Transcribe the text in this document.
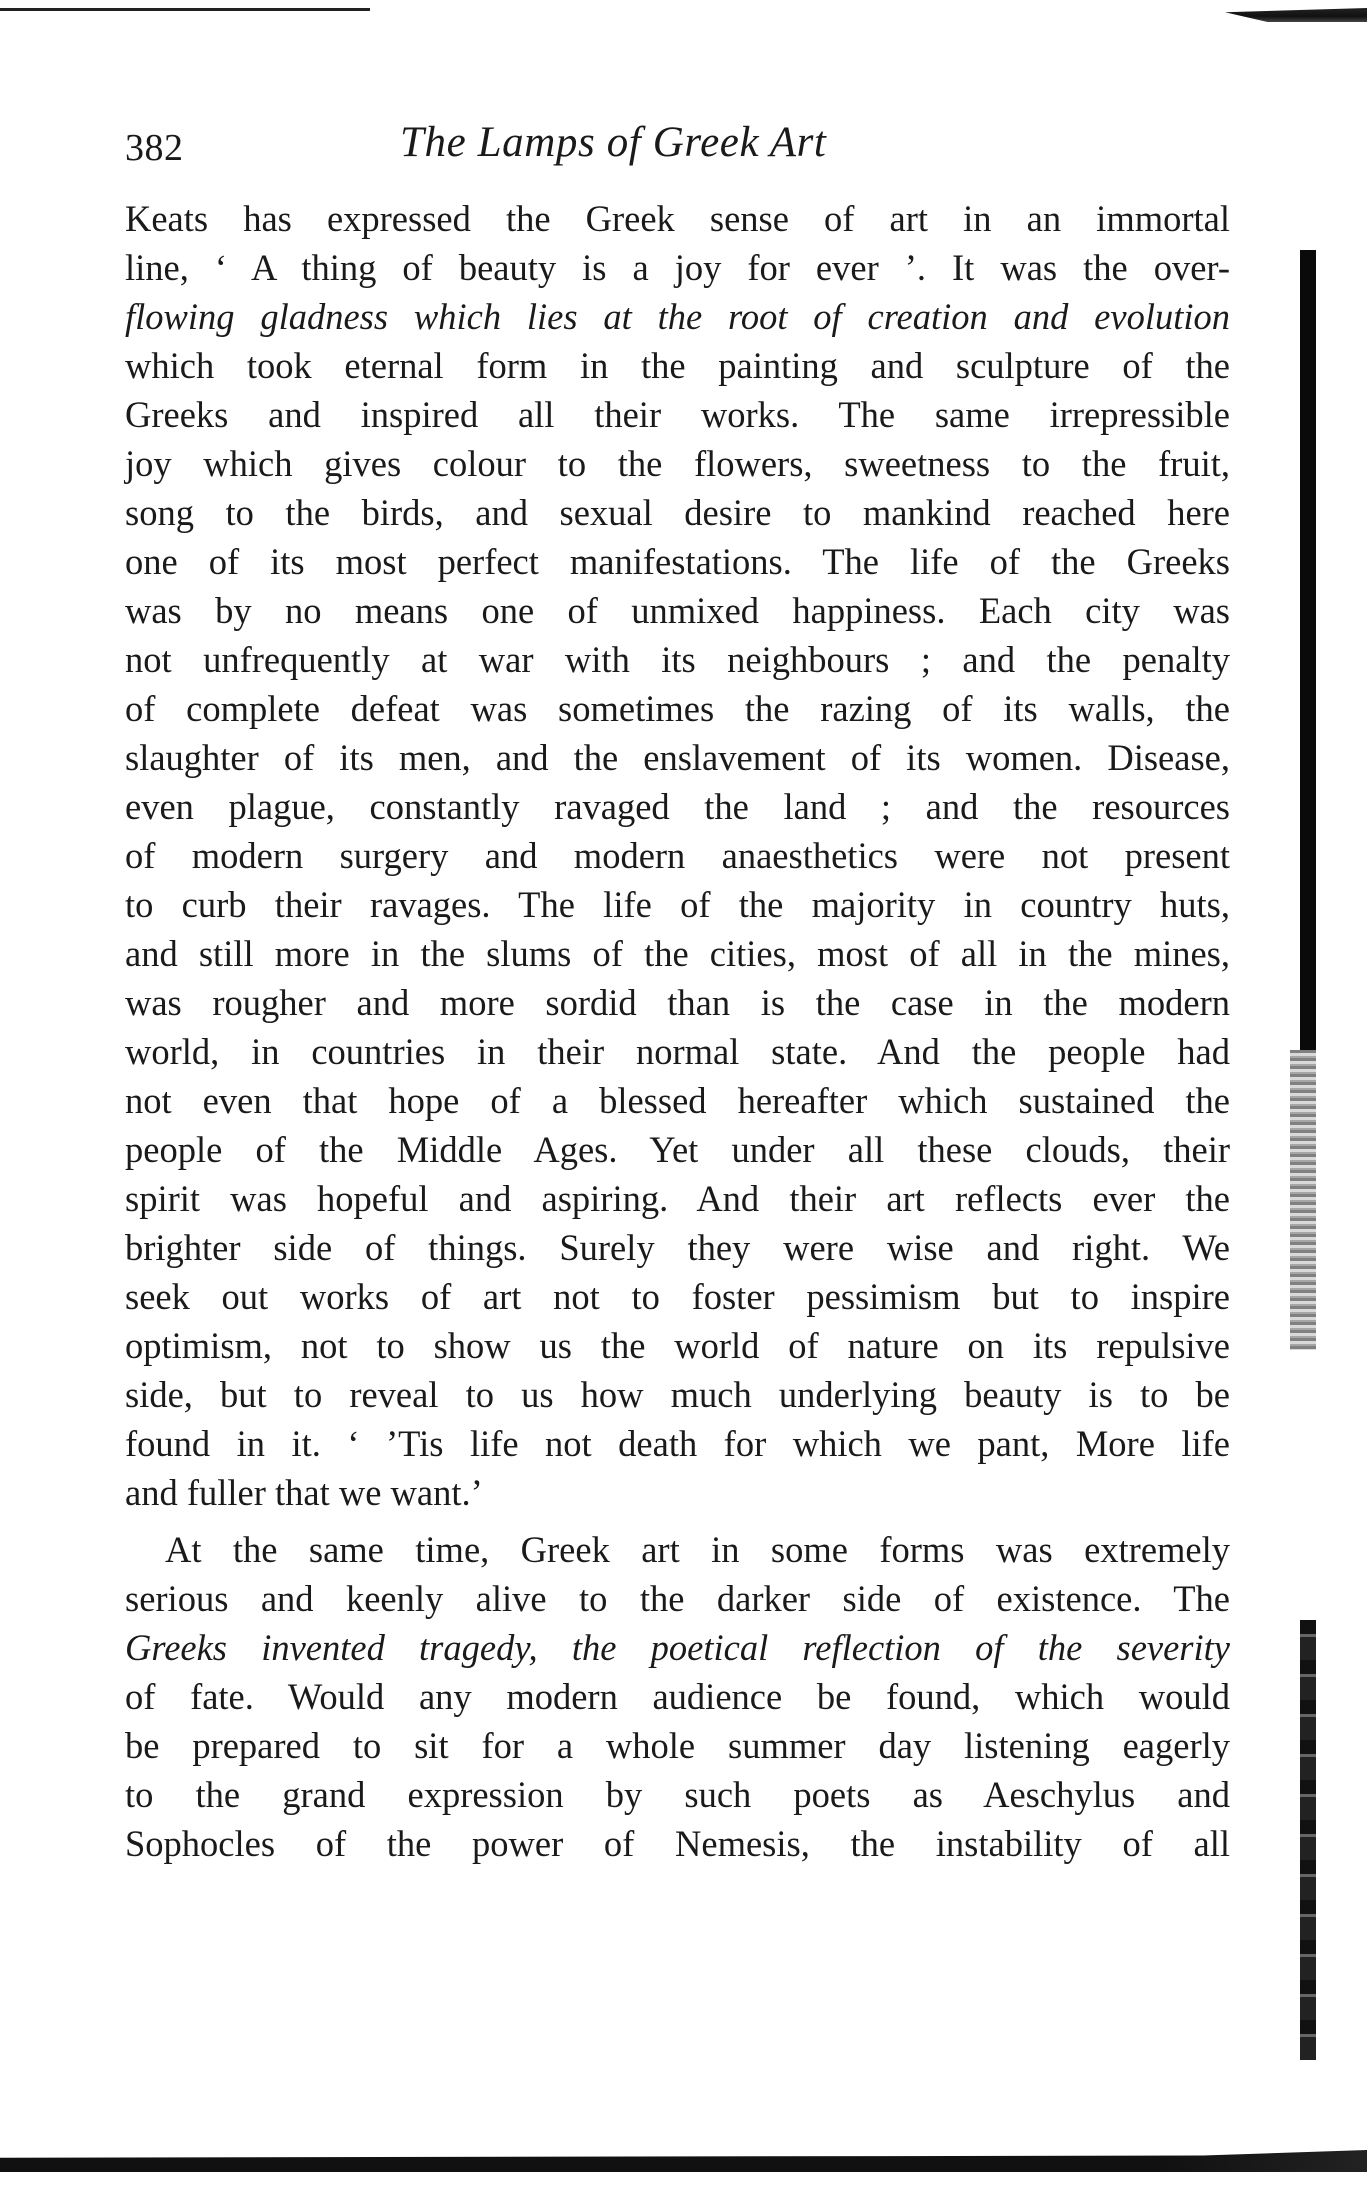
382	The Lamps of Greek Art

Keats has expressed the Greek sense of art in an immortal

line, ‘ A thing of beauty is a joy for ever ’. It was the over-

flowing gladness which lies at the root of creation and evolution

which took eternal form in the painting and sculpture of the

Greeks and inspired all their works. The same irrepressible

joy which gives colour to the flowers, sweetness to the fruit,

song to the birds, and sexual desire to mankind reached here

one of its most perfect manifestations. The life of the Greeks

was by no means one of unmixed happiness. Each city was

not unfrequently at war with its neighbours ; and the penalty

of complete defeat was sometimes the razing of its walls, the

slaughter of its men, and the enslavement of its women. Disease,

even plague, constantly ravaged the land ; and the resources

of modern surgery and modern anaesthetics were not present

to curb their ravages. The life of the majority in country huts,

and still more in the slums of the cities, most of all in the mines,

was rougher and more sordid than is the case in the modern

world, in countries in their normal state. And the people had

not even that hope of a blessed hereafter which sustained the

people of the Middle Ages. Yet under all these clouds, their

spirit was hopeful and aspiring. And their art reflects ever the

brighter side of things. Surely they were wise and right. We

seek out works of art not to foster pessimism but to inspire

optimism, not to show us the world of nature on its repulsive

side, but to reveal to us how much underlying beauty is to be

found in it. ‘ ’Tis life not death for which we pant, More life

and fuller that we want.’

At the same time, Greek art in some forms was extremely

serious and keenly alive to the darker side of existence. The

Greeks invented tragedy, the poetical reflection of the severity

of fate. Would any modern audience be found, which would

be prepared to sit for a whole summer day listening eagerly

to the grand expression by such poets as Aeschylus and

Sophocles of the power of Nemesis, the instability of all
